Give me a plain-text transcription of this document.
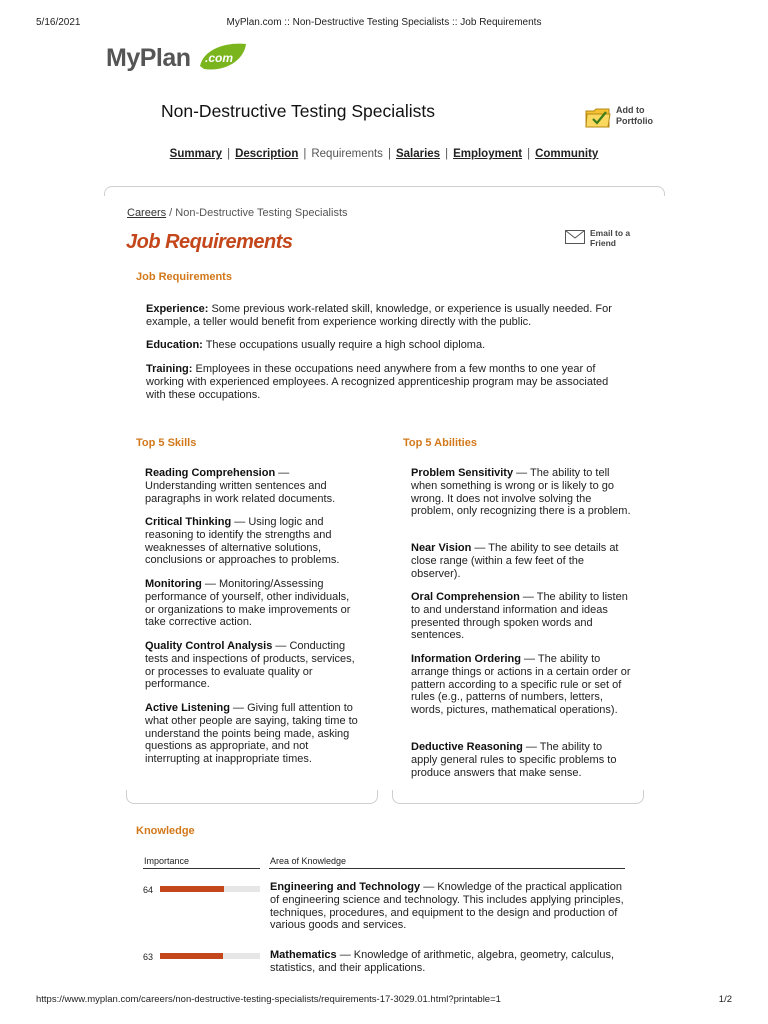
5/16/2021	MyPlan.com :: Non-Destructive Testing Specialists :: Job Requirements
MyPlan .com
Non-Destructive Testing Specialists	Add to
Portfolio
Summary | Description | Requirements | Salaries | Employment | Community
Careers / Non-Destructive Testing Specialists
Job Requirements	Email to a
Friend
Job Requirements
Experience: Some previous work-related skill, knowledge, or experience is usually needed. For example, a teller would benefit from experience working directly with the public.
Education: These occupations usually require a high school diploma.
Training: Employees in these occupations need anywhere from a few months to one year of working with experienced employees. A recognized apprenticeship program may be associated with these occupations.
Top 5 Skills
Reading Comprehension — Understanding written sentences and paragraphs in work related documents.
Critical Thinking — Using logic and reasoning to identify the strengths and weaknesses of alternative solutions, conclusions or approaches to problems.
Monitoring — Monitoring/Assessing performance of yourself, other individuals, or organizations to make improvements or take corrective action.
Quality Control Analysis — Conducting tests and inspections of products, services, or processes to evaluate quality or performance.
Active Listening — Giving full attention to what other people are saying, taking time to understand the points being made, asking questions as appropriate, and not interrupting at inappropriate times.
Top 5 Abilities
Problem Sensitivity — The ability to tell when something is wrong or is likely to go wrong. It does not involve solving the problem, only recognizing there is a problem.
Near Vision — The ability to see details at close range (within a few feet of the observer).
Oral Comprehension — The ability to listen to and understand information and ideas presented through spoken words and sentences.
Information Ordering — The ability to arrange things or actions in a certain order or pattern according to a specific rule or set of rules (e.g., patterns of numbers, letters, words, pictures, mathematical operations).
Deductive Reasoning — The ability to apply general rules to specific problems to produce answers that make sense.
Knowledge
Importance	Area of Knowledge
64	Engineering and Technology — Knowledge of the practical application of engineering science and technology. This includes applying principles, techniques, procedures, and equipment to the design and production of various goods and services.
63	Mathematics — Knowledge of arithmetic, algebra, geometry, calculus, statistics, and their applications.
https://www.myplan.com/careers/non-destructive-testing-specialists/requirements-17-3029.01.html?printable=1	1/2
